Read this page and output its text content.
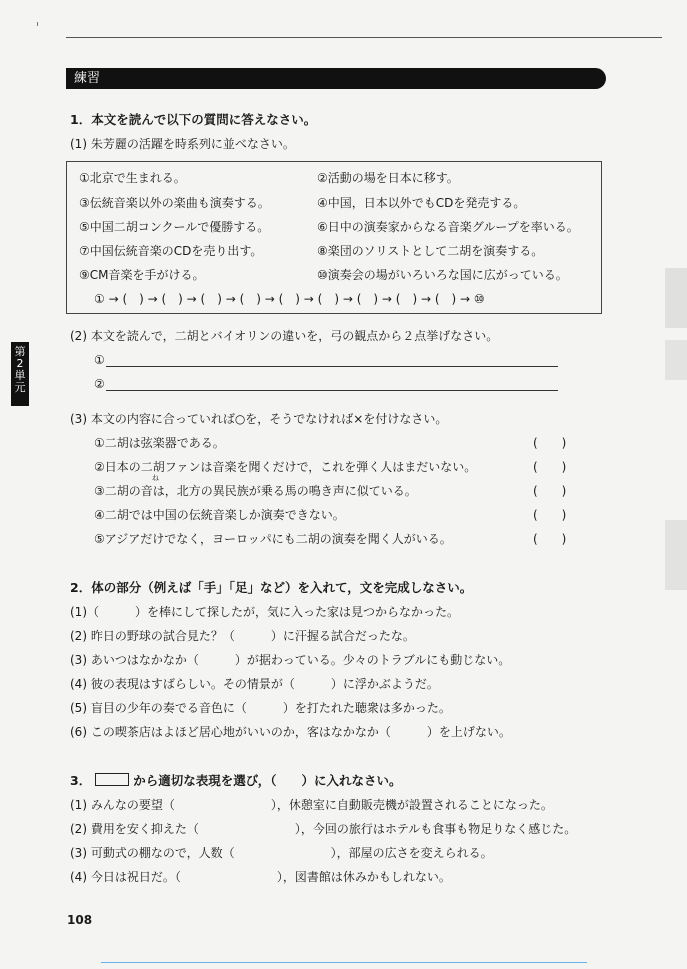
練習
第
2
単
元
1．本文を読んで以下の質問に答えなさい。
(1) 朱芳麗の活躍を時系列に並べなさい。
①北京で生まれる。	②活動の場を日本に移す。
③伝統音楽以外の楽曲も演奏する。	④中国，日本以外でもCDを発売する。
⑤中国二胡コンクールで優勝する。	⑥日中の演奏家からなる音楽グループを率いる。
⑦中国伝統音楽のCDを売り出す。	⑧楽団のソリストとして二胡を演奏する。
⑨CM音楽を手がける。	⑩演奏会の場がいろいろな国に広がっている。
① → (　) → (　) → (　) → (　) → (　) → (　) → (　) → (　) → (　) → ⑩
(2) 本文を読んで，二胡とバイオリンの違いを，弓の観点から２点挙げなさい。
①
②
(3) 本文の内容に合っていれば○を，そうでなければ×を付けなさい。
①二胡は弦楽器である。	(　　)
②日本の二胡ファンは音楽を聞くだけで，これを弾く人はまだいない。	(　　)
ね
③二胡の音は，北方の異民族が乗る馬の鳴き声に似ている。	(　　)
④二胡では中国の伝統音楽しか演奏できない。	(　　)
⑤アジアだけでなく，ヨーロッパにも二胡の演奏を聞く人がいる。	(　　)
2．体の部分（例えば「手」「足」など）を入れて，文を完成しなさい。
(1)（　　　）を棒にして探したが，気に入った家は見つからなかった。
(2) 昨日の野球の試合見た？（　　　）に汗握る試合だったな。
(3) あいつはなかなか（　　　）が据わっている。少々のトラブルにも動じない。
(4) 彼の表現はすばらしい。その情景が（　　　）に浮かぶようだ。
(5) 盲目の少年の奏でる音色に（　　　）を打たれた聴衆は多かった。
(6) この喫茶店はよほど居心地がいいのか，客はなかなか（　　　）を上げない。
3．	から適切な表現を選び，（　　）に入れなさい。
(1) みんなの要望（　　　　　　　　），休憩室に自動販売機が設置されることになった。
(2) 費用を安く抑えた（　　　　　　　　），今回の旅行はホテルも食事も物足りなく感じた。
(3) 可動式の棚なので，人数（　　　　　　　　），部屋の広さを変えられる。
(4) 今日は祝日だ。（　　　　　　　　），図書館は休みかもしれない。
108
